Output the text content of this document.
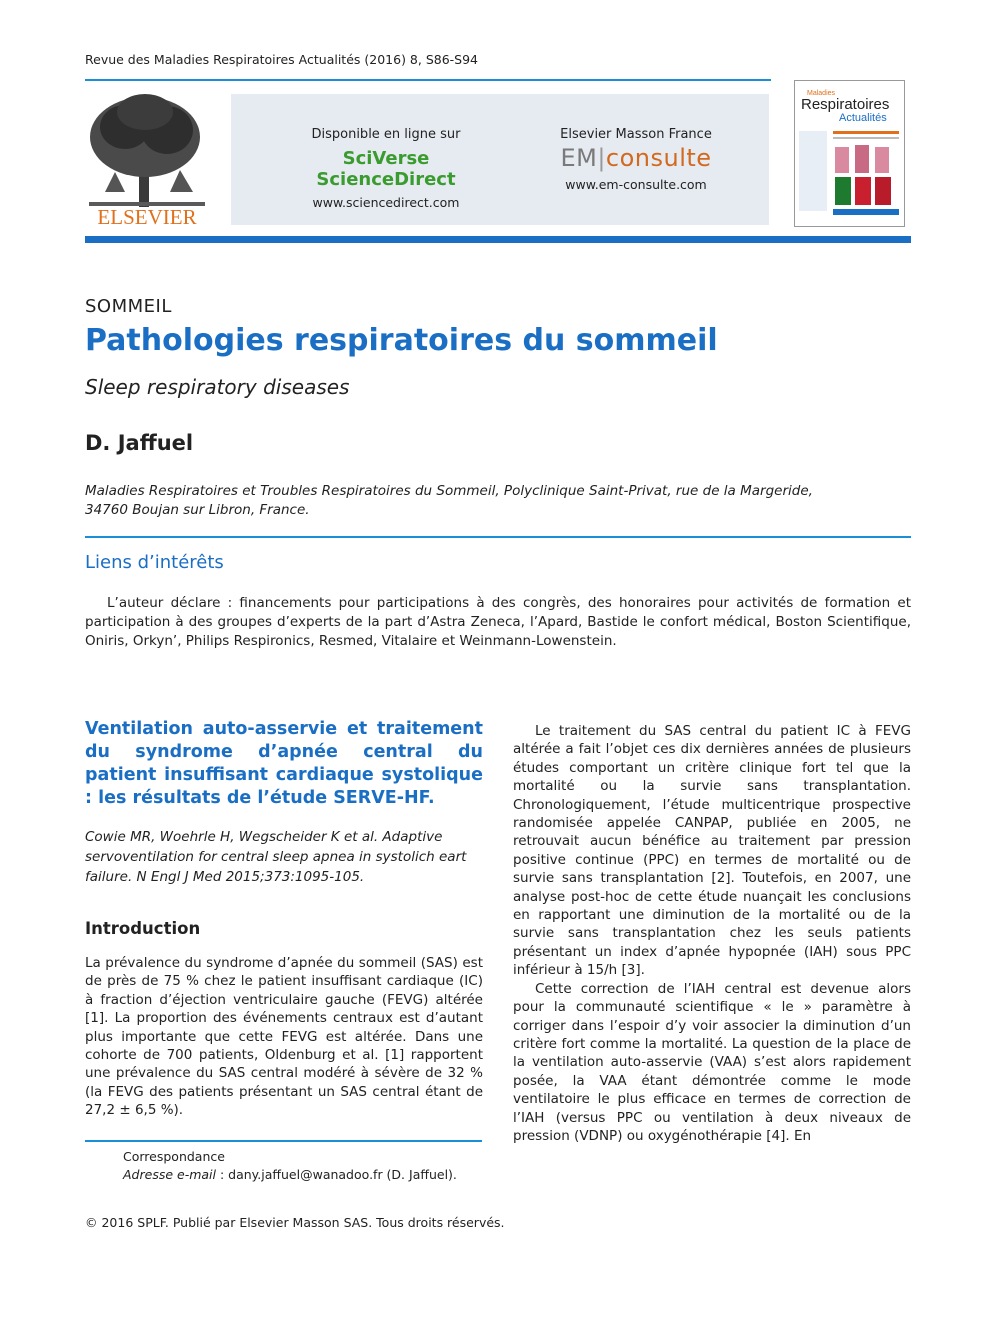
Revue des Maladies Respiratoires Actualités (2016) 8, S86-S94
ELSEVIER
Disponible en ligne sur
SciVerse ScienceDirect
www.sciencedirect.com
Elsevier Masson France
EM|consulte
www.em-consulte.com
Maladies
Respiratoires
Actualités
SOMMEIL
Pathologies respiratoires du sommeil
Sleep respiratory diseases
D. Jaffuel
Maladies Respiratoires et Troubles Respiratoires du Sommeil, Polyclinique Saint-Privat, rue de la Margeride, 34760 Boujan sur Libron, France.
Liens d’intérêts

L’auteur déclare : financements pour participations à des congrès, des honoraires pour activités de formation et participation à des groupes d’experts de la part d’Astra Zeneca, l’Apard, Bastide le confort médical, Boston Scientifique, Oniris, Orkyn’, Philips Respironics, Resmed, Vitalaire et Weinmann-Lowenstein.

Ventilation auto-asservie et traitement du syndrome d’apnée central du patient insuffisant cardiaque systolique : les résultats de l’étude SERVE-HF.
Cowie MR, Woehrle H, Wegscheider K et al. Adaptive servoventilation for central sleep apnea in systolich eart failure. N Engl J Med 2015;373:1095-105.
Introduction
La prévalence du syndrome d’apnée du sommeil (SAS) est de près de 75 % chez le patient insuffisant cardiaque (IC) à fraction d’éjection ventriculaire gauche (FEVG) altérée [1]. La proportion des événements centraux est d’autant plus importante que cette FEVG est altérée. Dans une cohorte de 700 patients, Oldenburg et al. [1] rapportent une prévalence du SAS central modéré à sévère de 32 % (la FEVG des patients présentant un SAS central étant de 27,2 ± 6,5 %).

Le traitement du SAS central du patient IC à FEVG altérée a fait l’objet ces dix dernières années de plusieurs études comportant un critère clinique fort tel que la mortalité ou la survie sans transplantation. Chronologiquement, l’étude multicentrique prospective randomisée appelée CANPAP, publiée en 2005, ne retrouvait aucun bénéfice au traitement par pression positive continue (PPC) en termes de mortalité ou de survie sans transplantation [2]. Toutefois, en 2007, une analyse post-hoc de cette étude nuançait les conclusions en rapportant une diminution de la mortalité ou de la survie sans transplantation chez les seuls patients présentant un index d’apnée hypopnée (IAH) sous PPC inférieur à 15/h [3].

Cette correction de l’IAH central est devenue alors pour la communauté scientifique « le » paramètre à corriger dans l’espoir d’y voir associer la diminution d’un critère fort comme la mortalité. La question de la place de la ventilation auto-asservie (VAA) s’est alors rapidement posée, la VAA étant démontrée comme le mode ventilatoire le plus efficace en termes de correction de l’IAH (versus PPC ou ventilation à deux niveaux de pression (VDNP) ou oxygénothérapie [4]. En

Correspondance
Adresse e-mail : dany.jaffuel@wanadoo.fr (D. Jaffuel).
© 2016 SPLF. Publié par Elsevier Masson SAS. Tous droits réservés.
